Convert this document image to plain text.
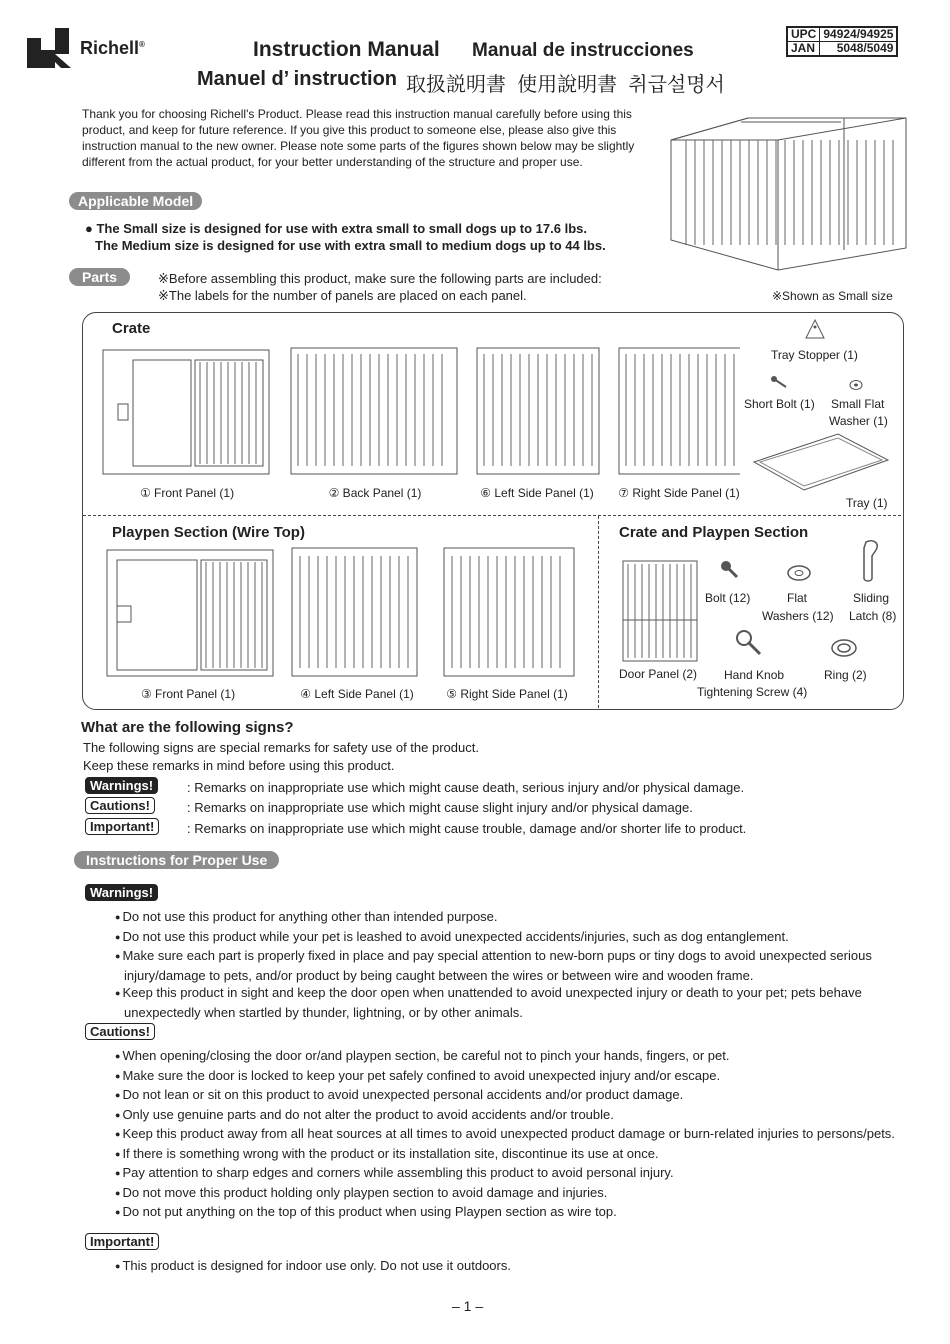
Richell®	Instruction Manual Manual de instrucciones
Manuel d’ instruction 取扱説明書 使用說明書 취급설명서
UPC	94924/94925
JAN	5048/5049
Thank you for choosing Richell's Product. Please read this instruction manual carefully before using this product, and keep for future reference. If you give this product to someone else, please also give this instruction manual to the new owner. Please note some parts of the figures shown below may be slightly different from the actual product, for your better understanding of the structure and proper use.
Applicable Model
● The Small size is designed for use with extra small to small dogs up to 17.6 lbs.
The Medium size is designed for use with extra small to medium dogs up to 44 lbs.
Parts	※Before assembling this product, make sure the following parts are included:
※The labels for the number of panels are placed on each panel.	※Shown as Small size
Crate
① Front Panel (1)	② Back Panel (1)	⑥ Left Side Panel (1)	⑦ Right Side Panel (1)
Tray Stopper (1)
Short Bolt (1) Small Flat
Washer (1)
Tray (1)
Playpen Section (Wire Top)
③ Front Panel (1)	④ Left Side Panel (1)	⑤ Right Side Panel (1)
Crate and Playpen Section
Bolt (12)	Flat
Washers (12)
Sliding
Latch (8)
Door Panel (2) Hand Knob
Tightening Screw (4)
Ring (2)
What are the following signs?
The following signs are special remarks for safety use of the product.
Keep these remarks in mind before using this product.
Warnings!	: Remarks on inappropriate use which might cause death, serious injury and/or physical damage.
Cautions!	: Remarks on inappropriate use which might cause slight injury and/or physical damage.
Important!	: Remarks on inappropriate use which might cause trouble, damage and/or shorter life to product.
Instructions for Proper Use
Warnings!
● Do not use this product for anything other than intended purpose.
● Do not use this product while your pet is leashed to avoid unexpected accidents/injuries, such as dog entanglement.
● Make sure each part is properly fixed in place and pay special attention to new-born pups or tiny dogs to avoid unexpected serious injury/damage to pets, and/or product by being caught between the wires or between wire and wooden frame.
● Keep this product in sight and keep the door open when unattended to avoid unexpected injury or death to your pet; pets behave unexpectedly when startled by thunder, lightning, or by other animals.
Cautions!
● When opening/closing the door or/and playpen section, be careful not to pinch your hands, fingers, or pet.
● Make sure the door is locked to keep your pet safely confined to avoid unexpected injury and/or escape.
● Do not lean or sit on this product to avoid unexpected personal accidents and/or product damage.
● Only use genuine parts and do not alter the product to avoid accidents and/or trouble.
● Keep this product away from all heat sources at all times to avoid unexpected product damage or burn-related injuries to persons/pets.
● If there is something wrong with the product or its installation site, discontinue its use at once.
● Pay attention to sharp edges and corners while assembling this product to avoid personal injury.
● Do not move this product holding only playpen section to avoid damage and injuries.
● Do not put anything on the top of this product when using Playpen section as wire top.
Important!
● This product is designed for indoor use only. Do not use it outdoors.
– 1 –
